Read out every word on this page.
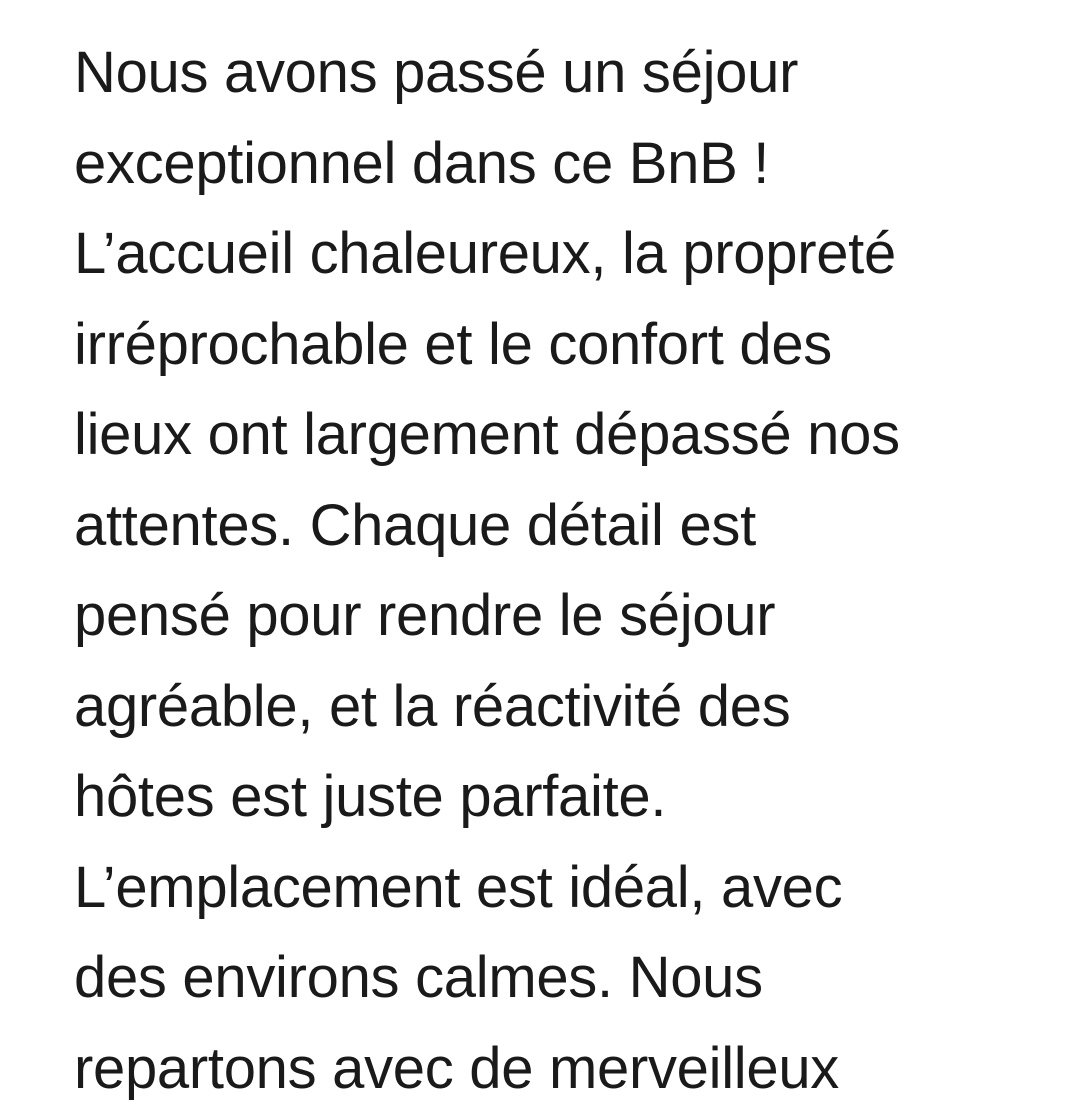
Nous avons passé un séjour
exceptionnel dans ce BnB !
L’accueil chaleureux, la propreté
irréprochable et le confort des
lieux ont largement dépassé nos
attentes. Chaque détail est
pensé pour rendre le séjour
agréable, et la réactivité des
hôtes est juste parfaite.
L’emplacement est idéal, avec
des environs calmes. Nous
repartons avec de merveilleux
